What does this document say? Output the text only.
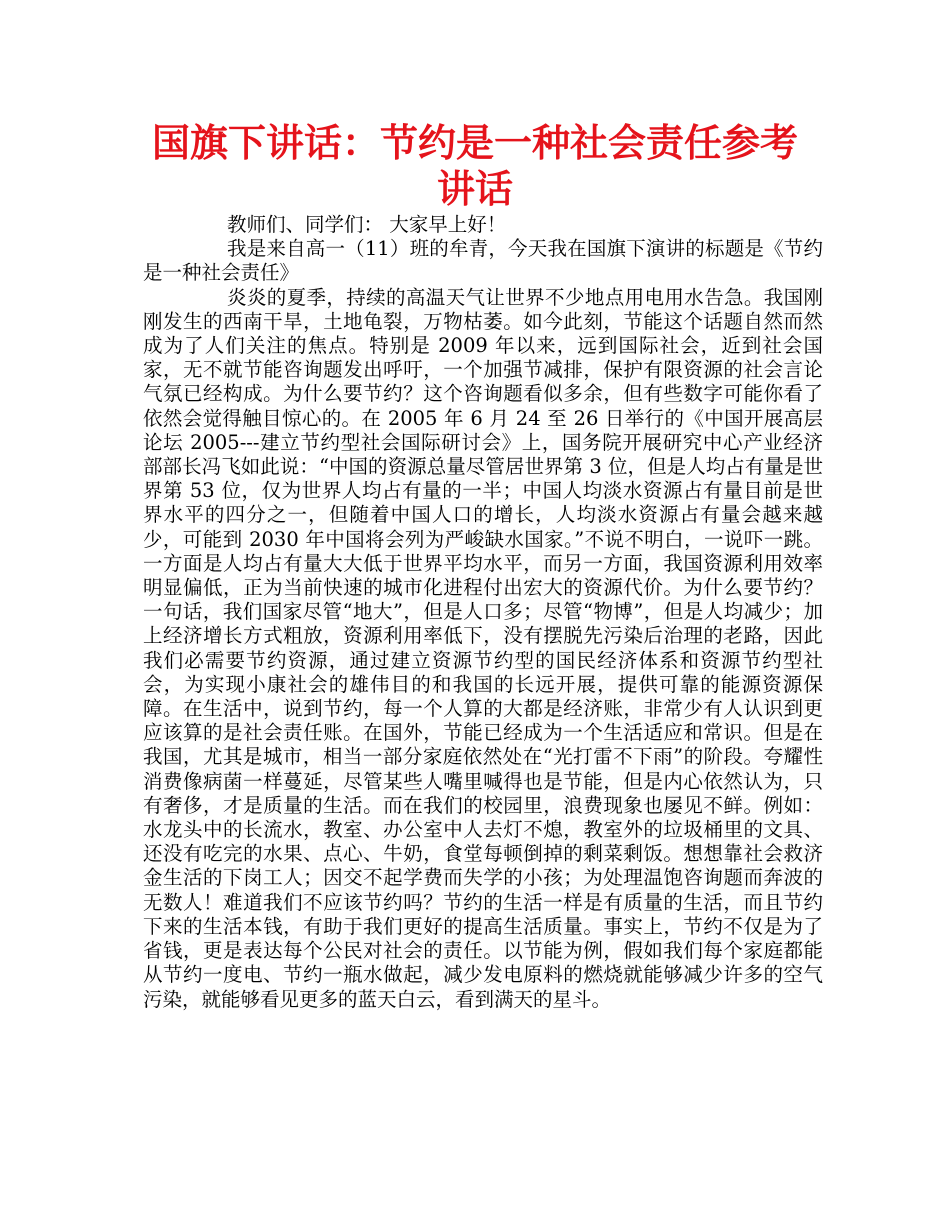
国旗下讲话：节约是一种社会责任参考讲话

教师们、同学们： 大家早上好！

我是来自高一（11）班的牟青，今天我在国旗下演讲的标题是《节约是一种社会责任》

炎炎的夏季，持续的高温天气让世界不少地点用电用水告急。我国刚刚发生的西南干旱，土地龟裂，万物枯萎。如今此刻，节能这个话题自然而然成为了人们关注的焦点。特别是 2009 年以来，远到国际社会，近到社会国家，无不就节能咨询题发出呼吁，一个加强节减排，保护有限资源的社会言论气氛已经构成。为什么要节约？这个咨询题看似多余，但有些数字可能你看了依然会觉得触目惊心的。在 2005 年 6 月 24 至 26 日举行的《中国开展高层论坛 2005---建立节约型社会国际研讨会》上，国务院开展研究中心产业经济部部长冯飞如此说：“中国的资源总量尽管居世界第 3 位，但是人均占有量是世界第 53 位，仅为世界人均占有量的一半；中国人均淡水资源占有量目前是世界水平的四分之一，但随着中国人口的增长，人均淡水资源占有量会越来越少，可能到 2030 年中国将会列为严峻缺水国家。”不说不明白，一说吓一跳。一方面是人均占有量大大低于世界平均水平，而另一方面，我国资源利用效率明显偏低，正为当前快速的城市化进程付出宏大的资源代价。为什么要节约？一句话，我们国家尽管“地大”，但是人口多；尽管“物博”，但是人均减少；加上经济增长方式粗放，资源利用率低下，没有摆脱先污染后治理的老路，因此我们必需要节约资源，通过建立资源节约型的国民经济体系和资源节约型社会，为实现小康社会的雄伟目的和我国的长远开展，提供可靠的能源资源保障。在生活中，说到节约，每一个人算的大都是经济账，非常少有人认识到更应该算的是社会责任账。在国外，节能已经成为一个生活适应和常识。但是在我国，尤其是城市，相当一部分家庭依然处在“光打雷不下雨”的阶段。夸耀性消费像病菌一样蔓延，尽管某些人嘴里喊得也是节能，但是内心依然认为，只有奢侈，才是质量的生活。而在我们的校园里，浪费现象也屡见不鲜。例如：水龙头中的长流水，教室、办公室中人去灯不熄，教室外的垃圾桶里的文具、还没有吃完的水果、点心、牛奶，食堂每顿倒掉的剩菜剩饭。想想靠社会救济金生活的下岗工人；因交不起学费而失学的小孩；为处理温饱咨询题而奔波的无数人！难道我们不应该节约吗？节约的生活一样是有质量的生活，而且节约下来的生活本钱，有助于我们更好的提高生活质量。事实上，节约不仅是为了省钱，更是表达每个公民对社会的责任。以节能为例，假如我们每个家庭都能从节约一度电、节约一瓶水做起，减少发电原料的燃烧就能够减少许多的空气污染，就能够看见更多的蓝天白云，看到满天的星斗。
